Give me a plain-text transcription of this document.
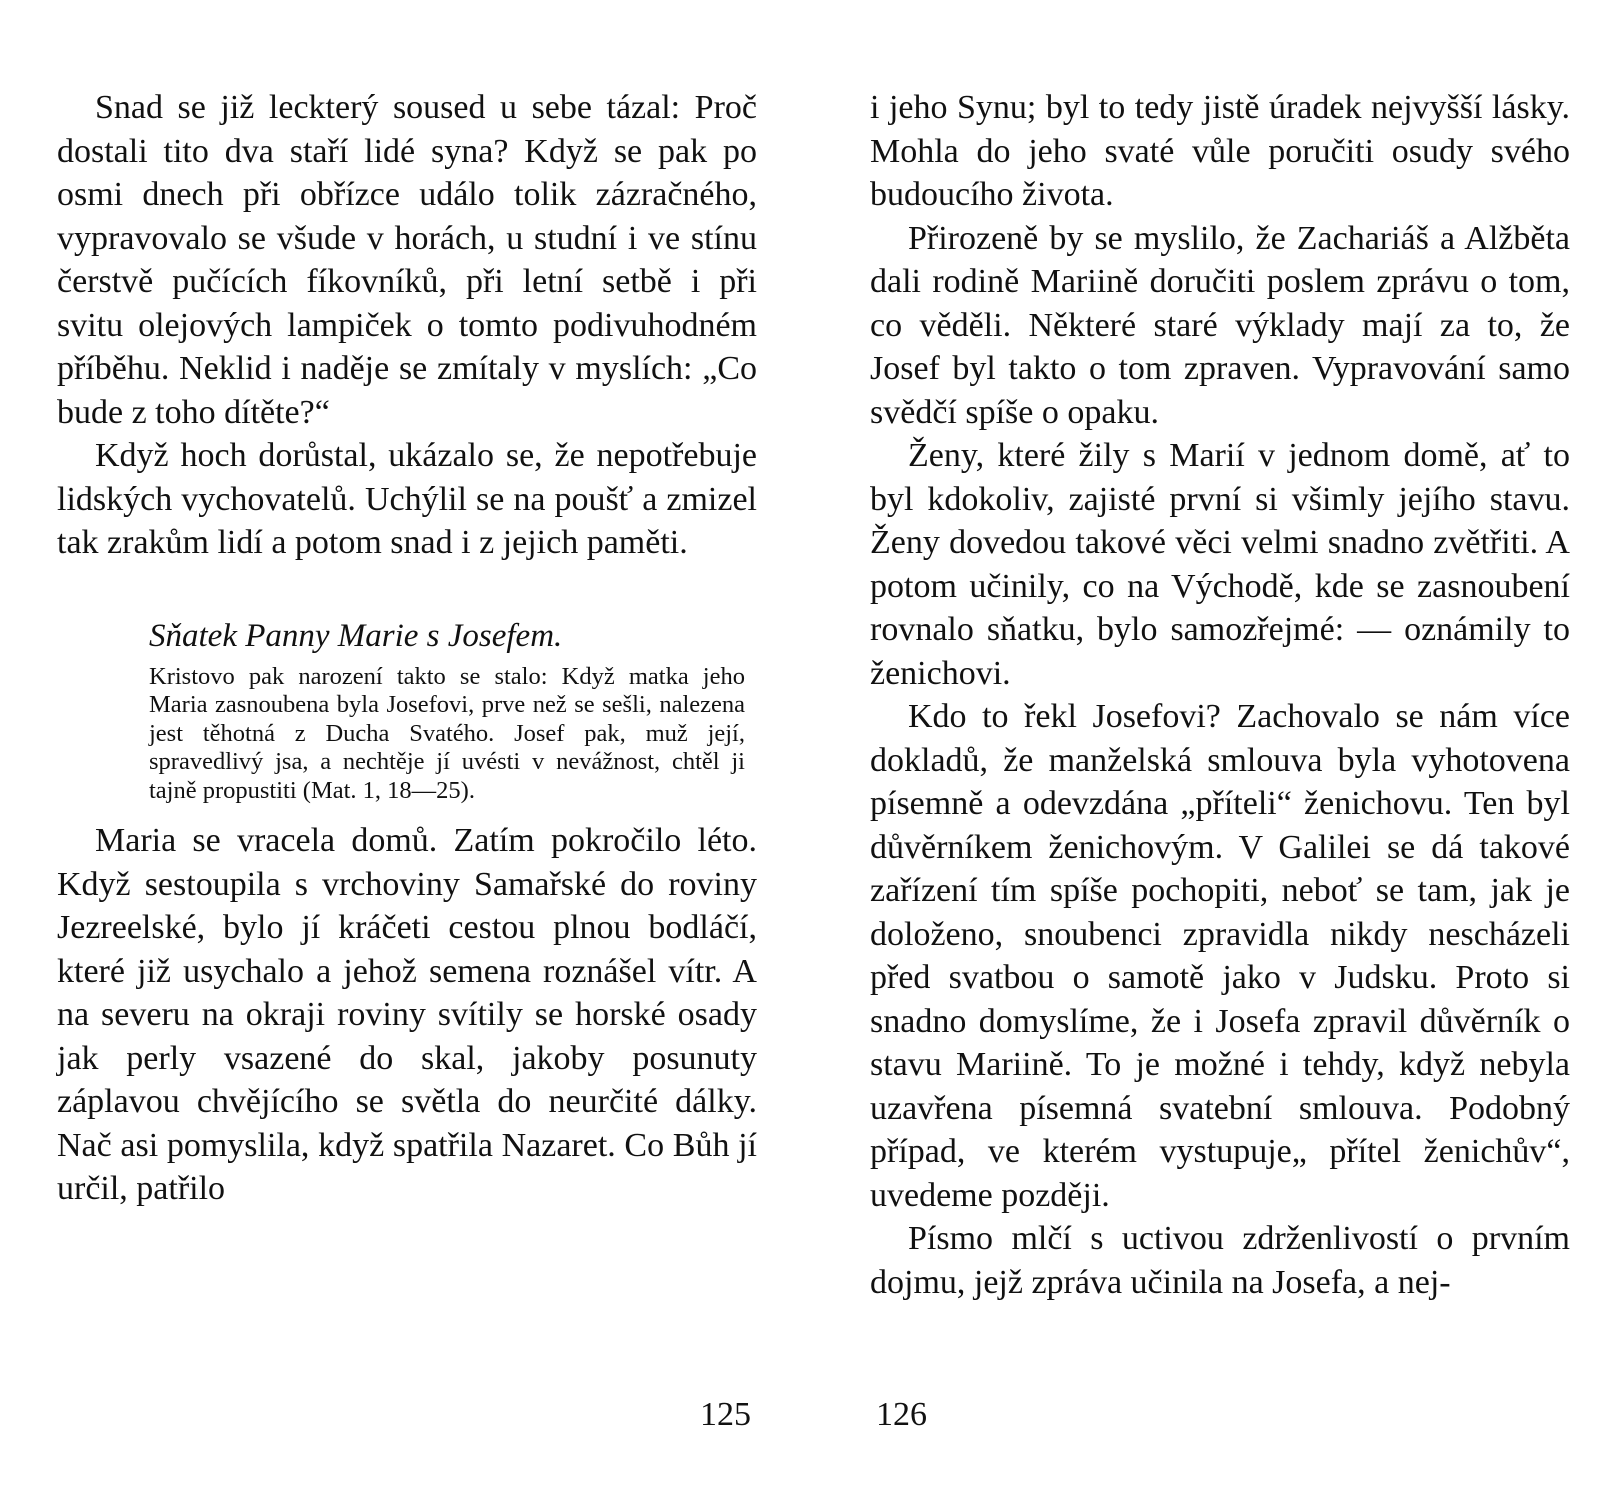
Snad se již leckterý soused u sebe tázal: Proč dostali tito dva staří lidé syna? Když se pak po osmi dnech při obřízce událo tolik zázračného, vypravovalo se všude v horách, u studní i ve stínu čerstvě pučících fíkovníků, při letní setbě i při svitu olejových lampiček o tomto podivuhodném příběhu. Neklid i naděje se zmítaly v myslích: „Co bude z toho dítěte?“

Když hoch dorůstal, ukázalo se, že nepotřebuje lidských vychovatelů. Uchýlil se na poušť a zmizel tak zrakům lidí a potom snad i z jejich paměti.

Sňatek Panny Marie s Josefem.
Kristovo pak narození takto se stalo: Když matka jeho Maria zasnoubena byla Josefovi, prve než se sešli, nalezena jest těhotná z Ducha Svatého. Josef pak, muž její, spravedlivý jsa, a nechtěje jí uvésti v nevážnost, chtěl ji tajně propustiti (Mat. 1, 18—25).

Maria se vracela domů. Zatím pokročilo léto. Když sestoupila s vrchoviny Samařské do roviny Jezreelské, bylo jí kráčeti cestou plnou bodláčí, které již usychalo a jehož semena roznášel vítr. A na severu na okraji roviny svítily se horské osady jak perly vsazené do skal, jakoby posunuty záplavou chvějícího se světla do neurčité dálky. Nač asi pomyslila, když spatřila Nazaret. Co Bůh jí určil, patřilo

i jeho Synu; byl to tedy jistě úradek nejvyšší lásky. Mohla do jeho svaté vůle poručiti osudy svého budoucího života.

Přirozeně by se myslilo, že Zachariáš a Alžběta dali rodině Mariině doručiti poslem zprávu o tom, co věděli. Některé staré výklady mají za to, že Josef byl takto o tom zpraven. Vypravování samo svědčí spíše o opaku.

Ženy, které žily s Marií v jednom domě, ať to byl kdokoliv, zajisté první si všimly jejího stavu. Ženy dovedou takové věci velmi snadno zvětřiti. A potom učinily, co na Východě, kde se zasnoubení rovnalo sňatku, bylo samozřejmé: — oznámily to ženichovi.

Kdo to řekl Josefovi? Zachovalo se nám více dokladů, že manželská smlouva byla vyhotovena písemně a odevzdána „příteli“ ženichovu. Ten byl důvěrníkem ženichovým. V Galilei se dá takové zařízení tím spíše pochopiti, neboť se tam, jak je doloženo, snoubenci zpravidla nikdy nescházeli před svatbou o samotě jako v Judsku. Proto si snadno domyslíme, že i Josefa zpravil důvěrník o stavu Mariině. To je možné i tehdy, když nebyla uzavřena písemná svatební smlouva. Podobný případ, ve kterém vystupuje„ přítel ženichův“, uvedeme později.

Písmo mlčí s uctivou zdrženlivostí o prvním dojmu, jejž zpráva učinila na Josefa, a nej-

125	126
